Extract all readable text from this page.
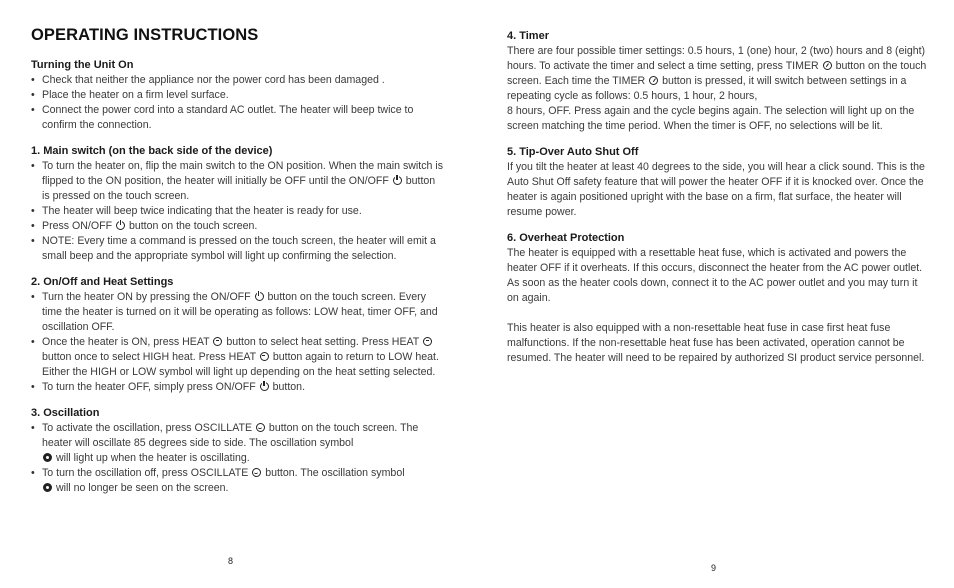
OPERATING INSTRUCTIONS
Turning the Unit On
• Check that neither the appliance nor the power cord has been damaged .
• Place the heater on a firm level surface.
• Connect the power cord into a standard AC outlet. The heater will beep twice to confirm the connection.
1. Main switch (on the back side of the device)
• To turn the heater on, flip the main switch to the ON position. When the main switch is flipped to the ON position, the heater will initially be OFF until the ON/OFF button is pressed on the touch screen.
• The heater will beep twice indicating that the heater is ready for use.
• Press ON/OFF button on the touch screen.
• NOTE: Every time a command is pressed on the touch screen, the heater will emit a small beep and the appropriate symbol will light up confirming the selection.
2. On/Off and Heat Settings
• Turn the heater ON by pressing the ON/OFF button on the touch screen. Every time the heater is turned on it will be operating as follows: LOW heat, timer OFF, and oscillation OFF.
• Once the heater is ON, press HEAT button to select heat setting. Press HEAT  button once to select HIGH heat. Press HEAT button again to return to LOW heat. Either the HIGH or LOW symbol will light up depending on the heat setting selected.
• To turn the heater OFF, simply press ON/OFF button.
3. Oscillation
• To activate the oscillation, press OSCILLATE button on the touch screen. The heater will oscillate 85 degrees side to side. The oscillation symbol
will light up when the heater is oscillating.
• To turn the oscillation off, press OSCILLATE button. The oscillation symbol
will no longer be seen on the screen.
8
4. Timer

There are four possible timer settings: 0.5 hours, 1 (one) hour, 2 (two) hours and 8 (eight) hours. To activate the timer and select a time setting, press TIMER button on the touch screen. Each time the TIMER button is pressed, it will switch between settings in a repeating cycle as follows: 0.5 hours, 1 hour, 2 hours,

8 hours, OFF. Press again and the cycle begins again. The selection will light up on the screen matching the time period. When the timer is OFF, no selections will be lit.

5. Tip-Over Auto Shut Off

If you tilt the heater at least 40 degrees to the side, you will hear a click sound. This is the Auto Shut Off safety feature that will power the heater OFF if it is knocked over. Once the heater is again positioned upright with the base on a firm, flat surface, the heater will resume power.

6. Overheat Protection

The heater is equipped with a resettable heat fuse, which is activated and powers the heater OFF if it overheats. If this occurs, disconnect the heater from the AC power outlet. As soon as the heater cools down, connect it to the AC power outlet and you may turn it on again.

This heater is also equipped with a non-resettable heat fuse in case first heat fuse malfunctions. If the non-resettable heat fuse has been activated, operation cannot be resumed. The heater will need to be repaired by authorized SI product service personnel.

9
